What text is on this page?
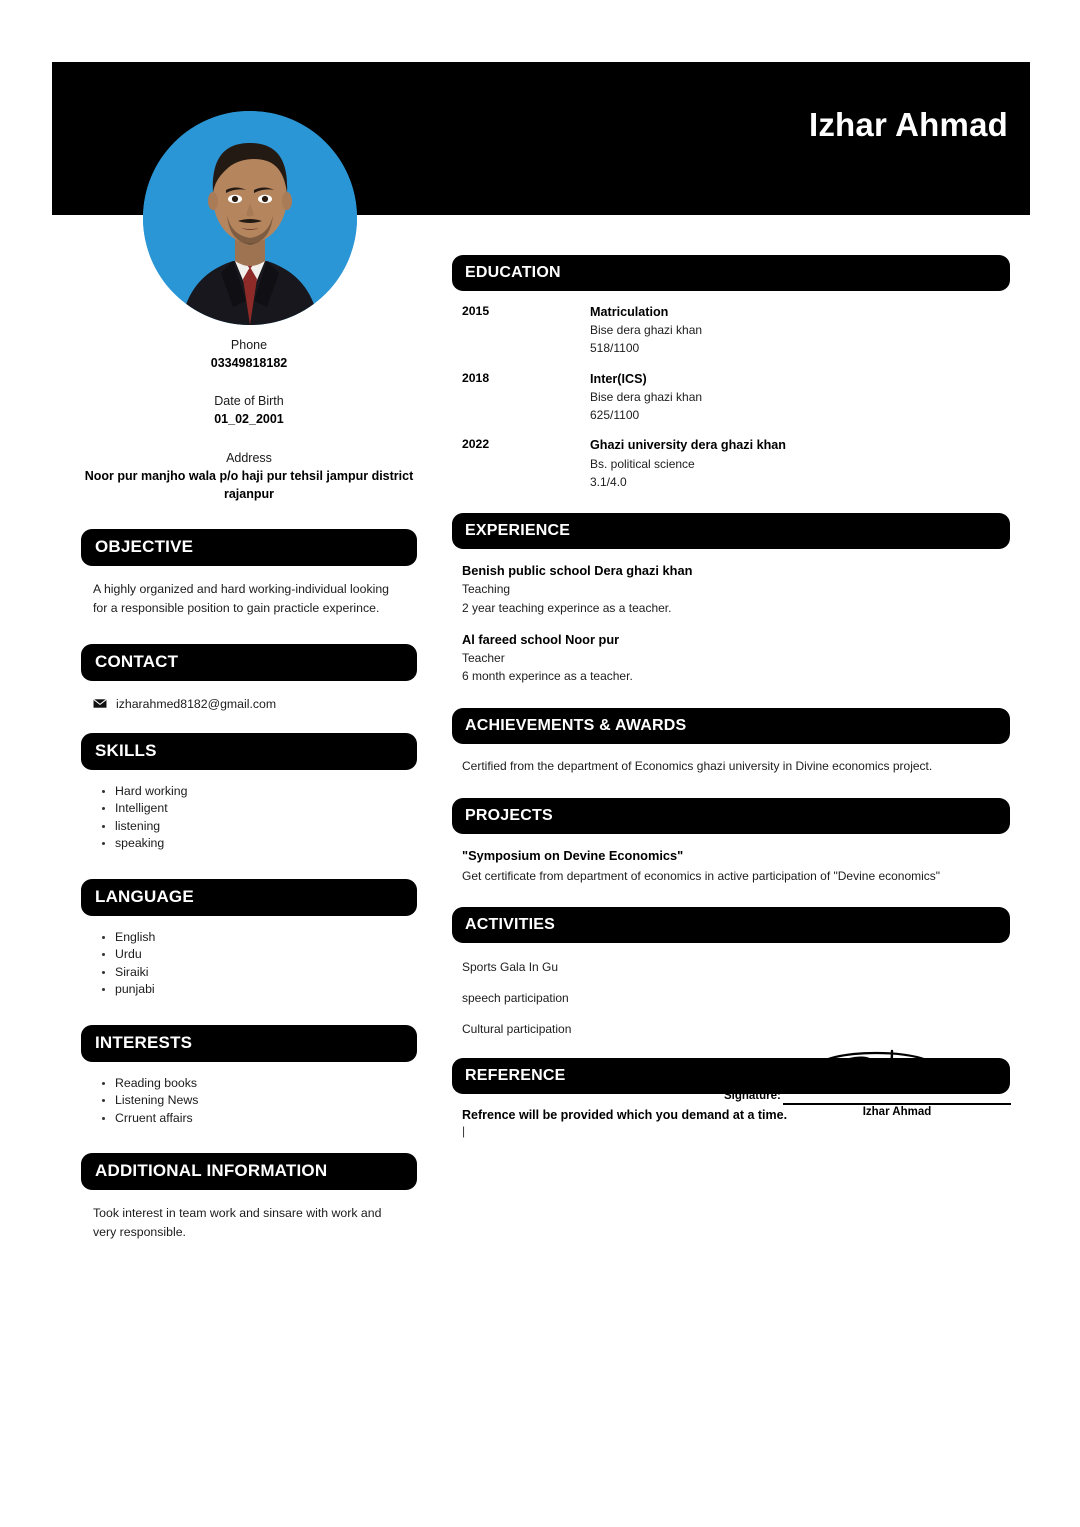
Izhar Ahmad
Phone
03349818182
Date of Birth
01_02_2001
Address
Noor pur manjho wala p/o haji pur tehsil jampur district rajanpur
OBJECTIVE

A highly organized and hard working-individual looking for a responsible position to gain practicle experince.

CONTACT
izharahmed8182@gmail.com
SKILLS
Hard working
Intelligent
listening
speaking
LANGUAGE
English
Urdu
Siraiki
punjabi
INTERESTS
Reading books
Listening News
Crruent affairs
ADDITIONAL INFORMATION

Took interest in team work and sinsare with work and very responsible.

EDUCATION
2015	Matriculation
Bise dera ghazi khan
518/1100
2018	Inter(ICS)
Bise dera ghazi khan
625/1100
2022	Ghazi university dera ghazi khan
Bs. political science
3.1/4.0
EXPERIENCE
Benish public school Dera ghazi khan
Teaching
2 year teaching experince as a teacher.
Al fareed school Noor pur
Teacher
6 month experince as a teacher.
ACHIEVEMENTS & AWARDS
Certified from the department of Economics ghazi university in Divine economics project.
PROJECTS
"Symposium on Devine Economics"
Get certificate from department of economics in active participation of "Devine economics"
ACTIVITIES
Sports Gala In Gu
speech participation
Cultural participation
REFERENCE
Refrence will be provided which you demand at a time.
|
Signature:
Izhar Ahmad
